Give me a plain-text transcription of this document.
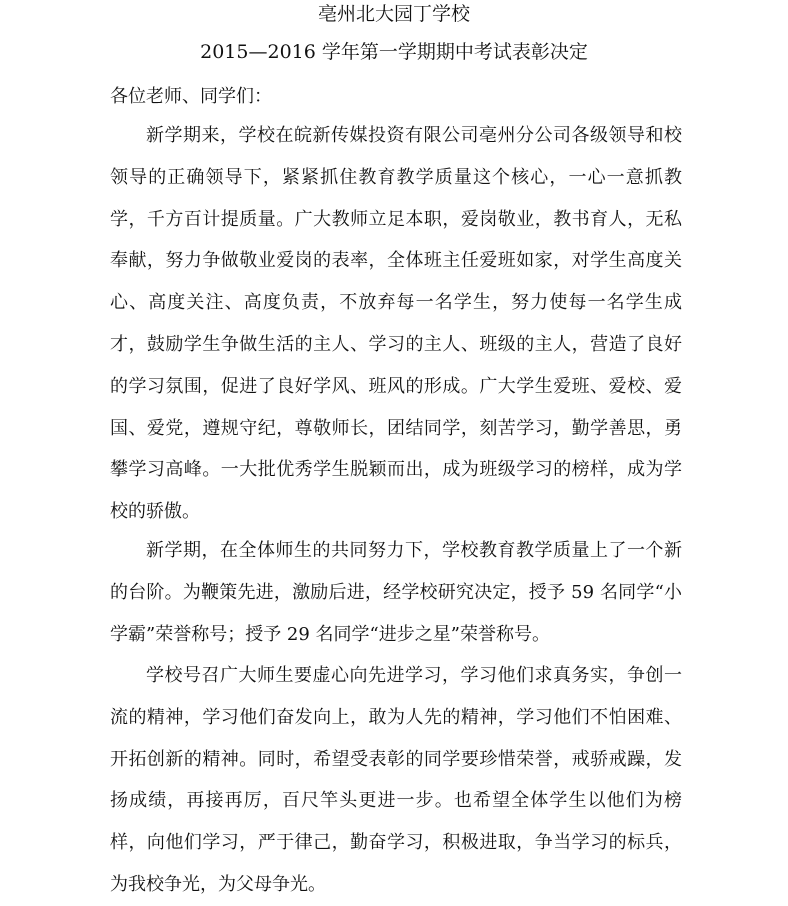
亳州北大园丁学校
2015—2016 学年第一学期期中考试表彰决定
各位老师、同学们：

新学期来，学校在皖新传媒投资有限公司亳州分公司各级领导和校领导的正确领导下，紧紧抓住教育教学质量这个核心，一心一意抓教学，千方百计提质量。广大教师立足本职，爱岗敬业，教书育人，无私奉献，努力争做敬业爱岗的表率，全体班主任爱班如家，对学生高度关心、高度关注、高度负责，不放弃每一名学生，努力使每一名学生成才，鼓励学生争做生活的主人、学习的主人、班级的主人，营造了良好的学习氛围，促进了良好学风、班风的形成。广大学生爱班、爱校、爱国、爱党，遵规守纪，尊敬师长，团结同学，刻苦学习，勤学善思，勇攀学习高峰。一大批优秀学生脱颖而出，成为班级学习的榜样，成为学校的骄傲。

新学期，在全体师生的共同努力下，学校教育教学质量上了一个新的台阶。为鞭策先进，激励后进，经学校研究决定，授予 59 名同学“小学霸”荣誉称号；授予 29 名同学“进步之星”荣誉称号。

学校号召广大师生要虚心向先进学习，学习他们求真务实，争创一流的精神，学习他们奋发向上，敢为人先的精神，学习他们不怕困难、开拓创新的精神。同时，希望受表彰的同学要珍惜荣誉，戒骄戒躁，发扬成绩，再接再厉，百尺竿头更进一步。也希望全体学生以他们为榜样，向他们学习，严于律己，勤奋学习，积极进取，争当学习的标兵，为我校争光，为父母争光。
